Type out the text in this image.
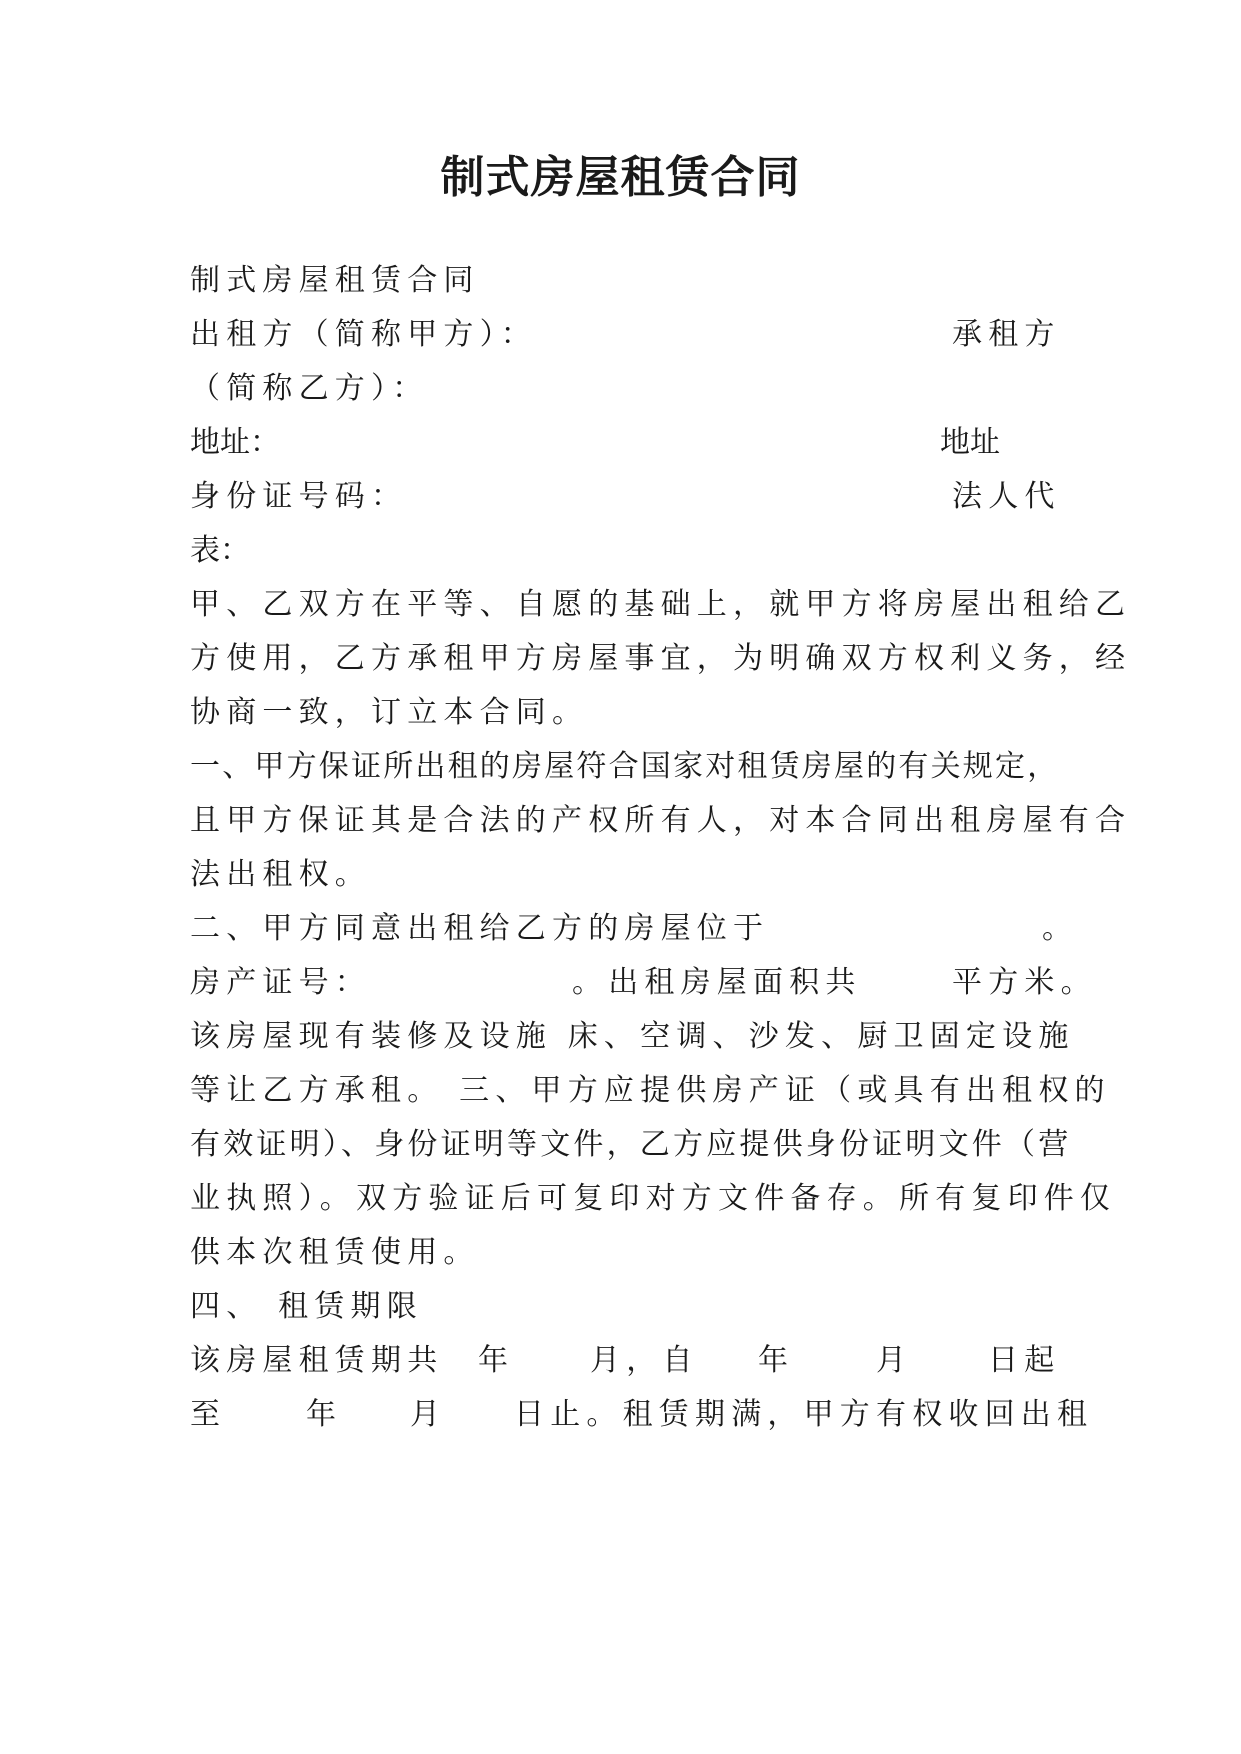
制式房屋租赁合同
制式房屋租赁合同
出租方（简称甲方）：	承租方
（简称乙方）：
地址：	地址
身份证号码：	法人代
表：
甲、乙双方在平等、自愿的基础上，就甲方将房屋出租给乙
方使用，乙方承租甲方房屋事宜，为明确双方权利义务，经
协商一致，订立本合同。
一、甲方保证所出租的房屋符合国家对租赁房屋的有关规定，
且甲方保证其是合法的产权所有人，对本合同出租房屋有合
法出租权。
二、甲方同意出租给乙方的房屋位于	。
房产证号：	。出租房屋面积共	平方米。
该房屋现有装修及设施 床、空调、沙发、厨卫固定设施
等让乙方承租。 三、甲方应提供房产证（或具有出租权的
有效证明）、身份证明等文件，乙方应提供身份证明文件（营
业执照）。双方验证后可复印对方文件备存。所有复印件仅
供本次租赁使用。
四、 租赁期限
该房屋租赁期共 年	月，自 年	月	日起
至	年 月 日止。租赁期满，甲方有权收回出租
